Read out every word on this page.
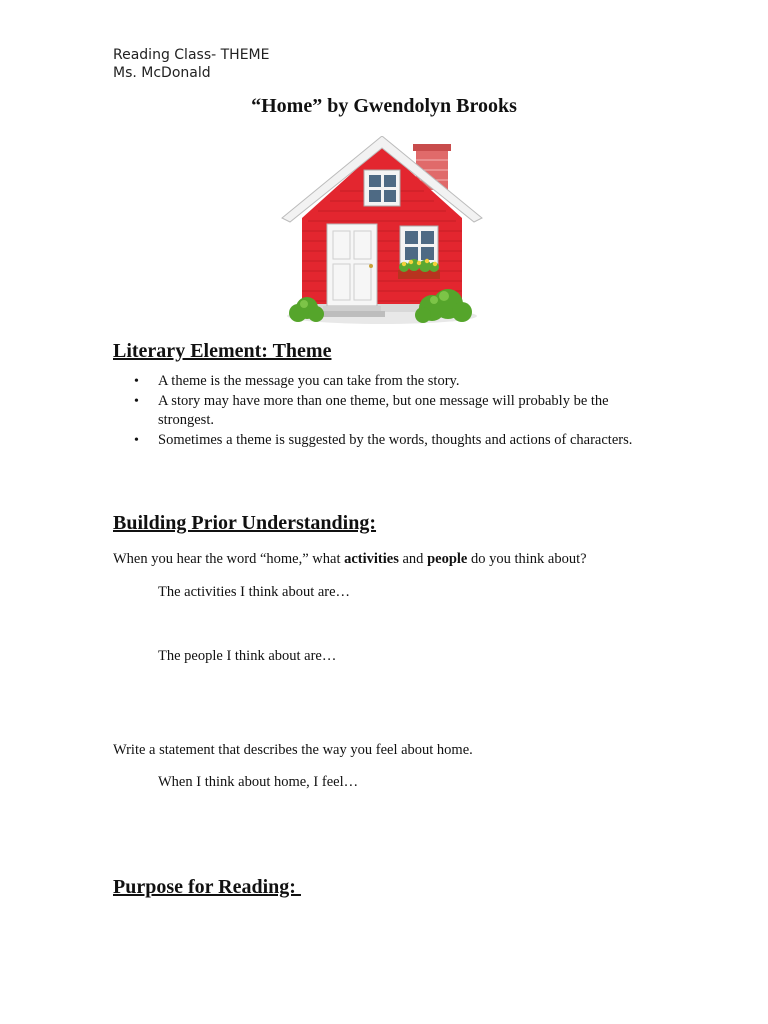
Reading Class- THEME
Ms. McDonald
“Home” by Gwendolyn Brooks
Literary Element: Theme
• A theme is the message you can take from the story.
• A story may have more than one theme, but one message will probably be the strongest.
• Sometimes a theme is suggested by the words, thoughts and actions of characters.
Building Prior Understanding:
When you hear the word “home,” what activities and people do you think about?
The activities I think about are…
The people I think about are…
Write a statement that describes the way you feel about home.
When I think about home, I feel…
Purpose for Reading:
